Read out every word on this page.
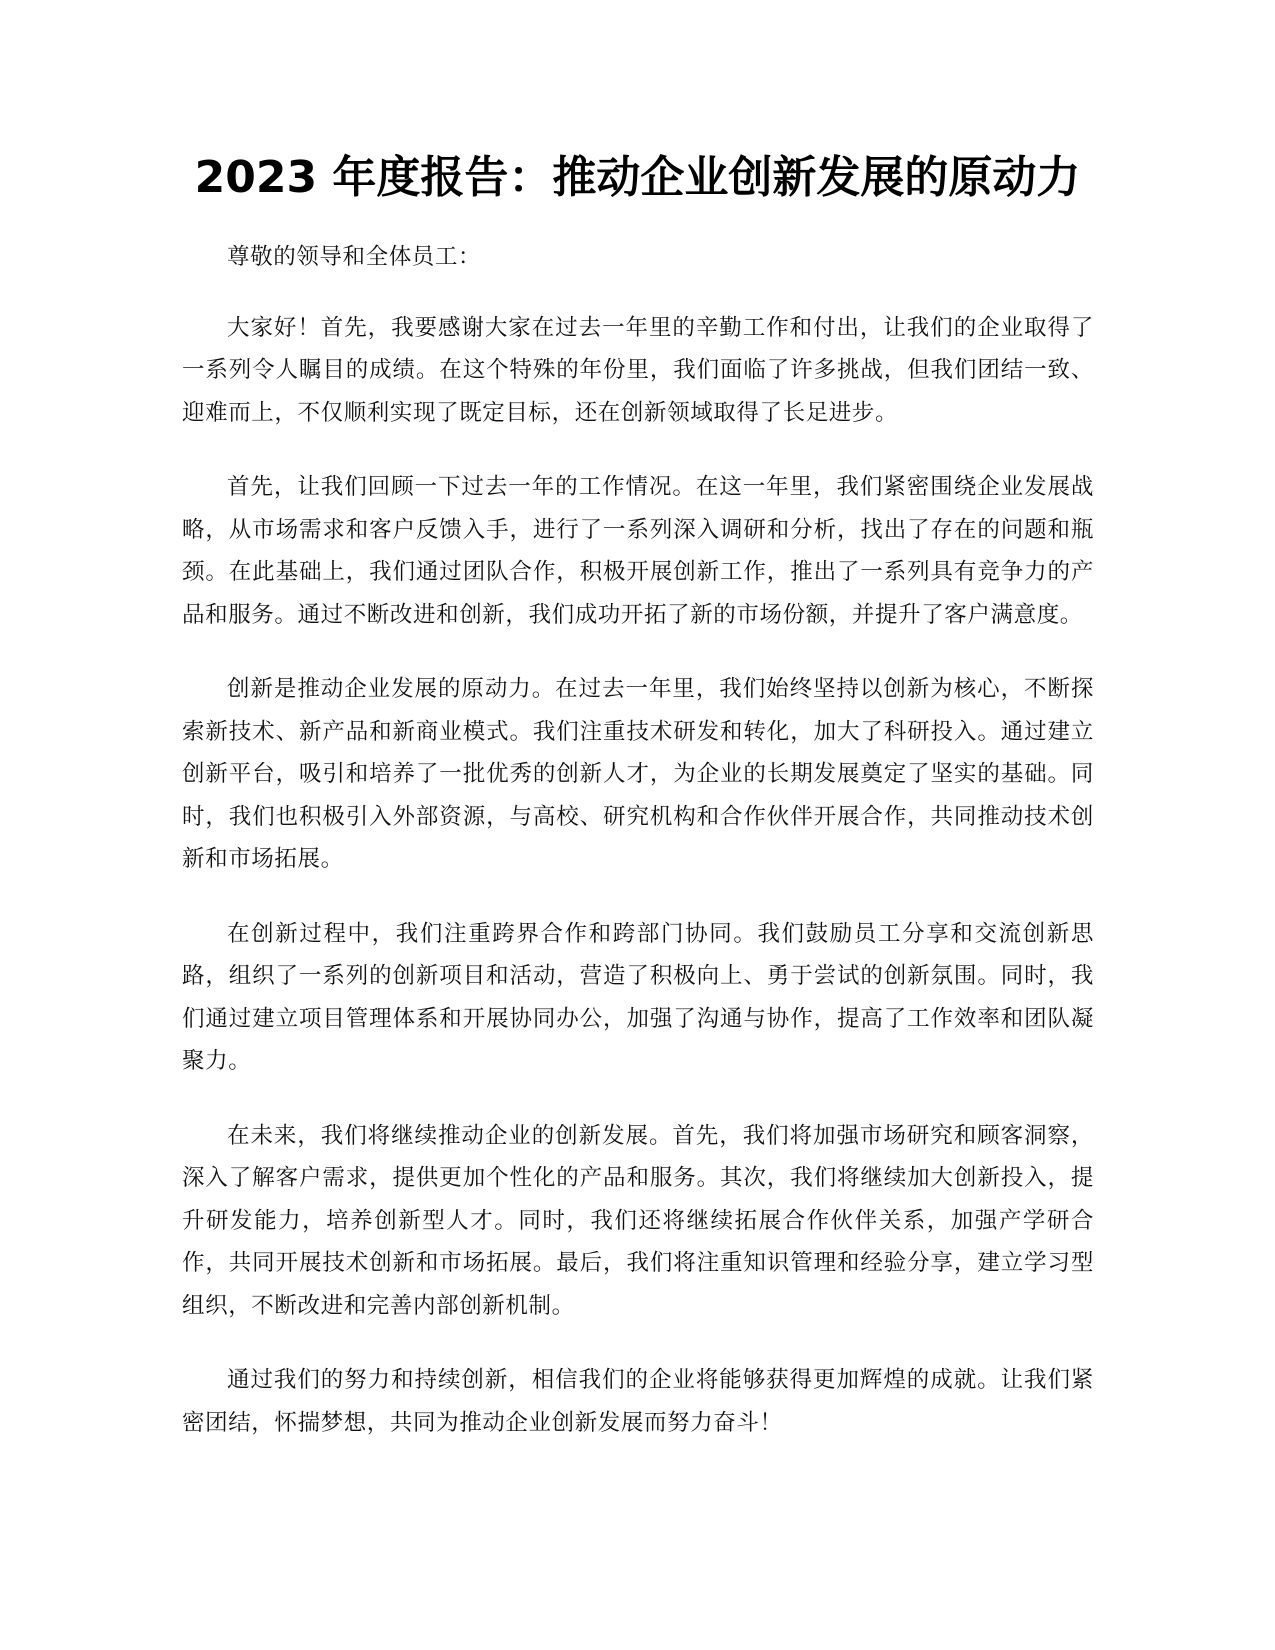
2023 年度报告：推动企业创新发展的原动力

尊敬的领导和全体员工：

大家好！首先，我要感谢大家在过去一年里的辛勤工作和付出，让我们的企业取得了一系列令人瞩目的成绩。在这个特殊的年份里，我们面临了许多挑战，但我们团结一致、迎难而上，不仅顺利实现了既定目标，还在创新领域取得了长足进步。

首先，让我们回顾一下过去一年的工作情况。在这一年里，我们紧密围绕企业发展战略，从市场需求和客户反馈入手，进行了一系列深入调研和分析，找出了存在的问题和瓶颈。在此基础上，我们通过团队合作，积极开展创新工作，推出了一系列具有竞争力的产品和服务。通过不断改进和创新，我们成功开拓了新的市场份额，并提升了客户满意度。

创新是推动企业发展的原动力。在过去一年里，我们始终坚持以创新为核心，不断探索新技术、新产品和新商业模式。我们注重技术研发和转化，加大了科研投入。通过建立创新平台，吸引和培养了一批优秀的创新人才，为企业的长期发展奠定了坚实的基础。同时，我们也积极引入外部资源，与高校、研究机构和合作伙伴开展合作，共同推动技术创新和市场拓展。

在创新过程中，我们注重跨界合作和跨部门协同。我们鼓励员工分享和交流创新思路，组织了一系列的创新项目和活动，营造了积极向上、勇于尝试的创新氛围。同时，我们通过建立项目管理体系和开展协同办公，加强了沟通与协作，提高了工作效率和团队凝聚力。

在未来，我们将继续推动企业的创新发展。首先，我们将加强市场研究和顾客洞察，深入了解客户需求，提供更加个性化的产品和服务。其次，我们将继续加大创新投入，提升研发能力，培养创新型人才。同时，我们还将继续拓展合作伙伴关系，加强产学研合作，共同开展技术创新和市场拓展。最后，我们将注重知识管理和经验分享，建立学习型组织，不断改进和完善内部创新机制。

通过我们的努力和持续创新，相信我们的企业将能够获得更加辉煌的成就。让我们紧密团结，怀揣梦想，共同为推动企业创新发展而努力奋斗！
